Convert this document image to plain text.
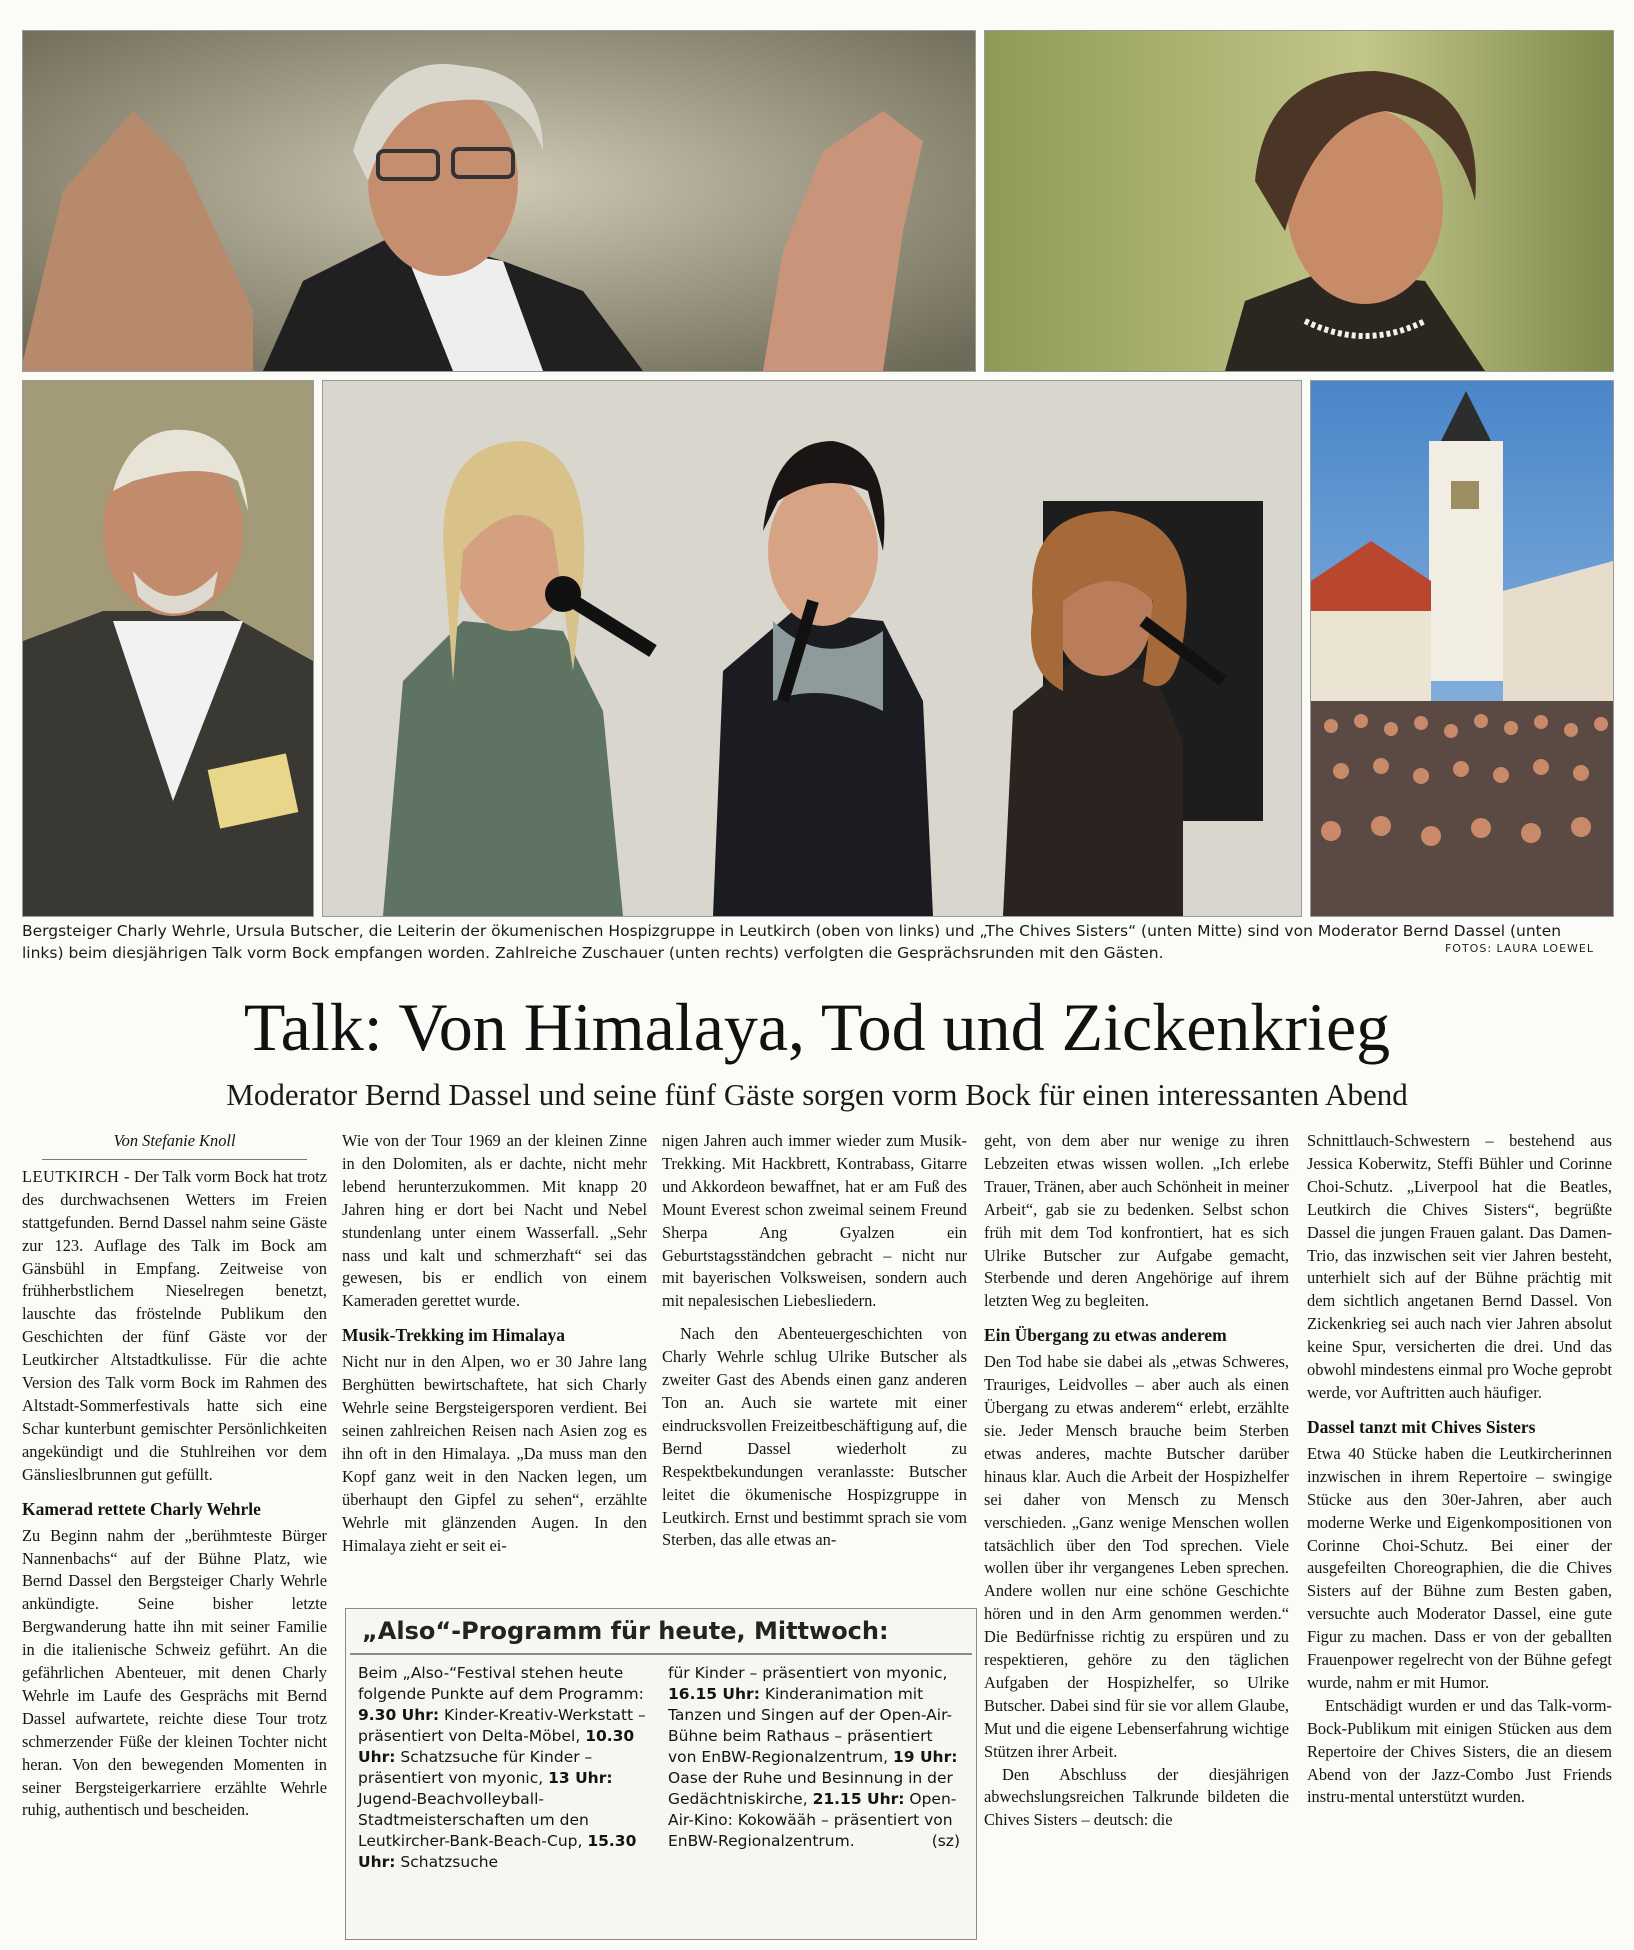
Bergsteiger Charly Wehrle, Ursula Butscher, die Leiterin der ökumenischen Hospizgruppe in Leutkirch (oben von links) und „The Chives Sisters“ (unten Mitte) sind von Moderator Bernd Dassel (unten links) beim diesjährigen Talk vorm Bock empfangen worden. Zahlreiche Zuschauer (unten rechts) verfolgten die Gesprächsrunden mit den Gästen.	FOTOS: LAURA LOEWEL
Talk: Von Himalaya, Tod und Zickenkrieg
Moderator Bernd Dassel und seine fünf Gäste sorgen vorm Bock für einen interessanten Abend

Von Stefanie Knoll

LEUTKIRCH - Der Talk vorm Bock hat trotz des durchwachsenen Wetters im Freien stattgefunden. Bernd Dassel nahm seine Gäste zur 123. Auflage des Talk im Bock am Gänsbühl in Empfang. Zeitweise von frühherbstlichem Nieselregen benetzt, lauschte das fröstelnde Publikum den Geschichten der fünf Gäste vor der Leutkircher Altstadtkulisse. Für die achte Version des Talk vorm Bock im Rahmen des Altstadt-Sommerfestivals hatte sich eine Schar kunterbunt gemischter Persönlichkeiten angekündigt und die Stuhlreihen vor dem Gänslieslbrunnen gut gefüllt.

Kamerad rettete Charly Wehrle

Zu Beginn nahm der „berühmteste Bürger Nannenbachs“ auf der Bühne Platz, wie Bernd Dassel den Bergsteiger Charly Wehrle ankündigte. Seine bisher letzte Bergwanderung hatte ihn mit seiner Familie in die italienische Schweiz geführt. An die gefährlichen Abenteuer, mit denen Charly Wehrle im Laufe des Gesprächs mit Bernd Dassel aufwartete, reichte diese Tour trotz schmerzender Füße der kleinen Tochter nicht heran. Von den bewegenden Momenten in seiner Bergsteigerkarriere erzählte Wehrle ruhig, authentisch und bescheiden.

Wie von der Tour 1969 an der kleinen Zinne in den Dolomiten, als er dachte, nicht mehr lebend herunterzukommen. Mit knapp 20 Jahren hing er dort bei Nacht und Nebel stundenlang unter einem Wasserfall. „Sehr nass und kalt und schmerzhaft“ sei das gewesen, bis er endlich von einem Kameraden gerettet wurde.

Musik-Trekking im Himalaya

Nicht nur in den Alpen, wo er 30 Jahre lang Berghütten bewirtschaftete, hat sich Charly Wehrle seine Bergsteigersporen verdient. Bei seinen zahlreichen Reisen nach Asien zog es ihn oft in den Himalaya. „Da muss man den Kopf ganz weit in den Nacken legen, um überhaupt den Gipfel zu sehen“, erzählte Wehrle mit glänzenden Augen. In den Himalaya zieht er seit ei-

nigen Jahren auch immer wieder zum Musik-Trekking. Mit Hackbrett, Kontrabass, Gitarre und Akkordeon bewaffnet, hat er am Fuß des Mount Everest schon zweimal seinem Freund Sherpa Ang Gyalzen ein Geburtstagsständchen gebracht – nicht nur mit bayerischen Volksweisen, sondern auch mit nepalesischen Liebesliedern.

Nach den Abenteuergeschichten von Charly Wehrle schlug Ulrike Butscher als zweiter Gast des Abends einen ganz anderen Ton an. Auch sie wartete mit einer eindrucksvollen Freizeitbeschäftigung auf, die Bernd Dassel wiederholt zu Respektbekundungen veranlasste: Butscher leitet die ökumenische Hospizgruppe in Leutkirch. Ernst und bestimmt sprach sie vom Sterben, das alle etwas an-

geht, von dem aber nur wenige zu ihren Lebzeiten etwas wissen wollen. „Ich erlebe Trauer, Tränen, aber auch Schönheit in meiner Arbeit“, gab sie zu bedenken. Selbst schon früh mit dem Tod konfrontiert, hat es sich Ulrike Butscher zur Aufgabe gemacht, Sterbende und deren Angehörige auf ihrem letzten Weg zu begleiten.

Ein Übergang zu etwas anderem

Den Tod habe sie dabei als „etwas Schweres, Trauriges, Leidvolles – aber auch als einen Übergang zu etwas anderem“ erlebt, erzählte sie. Jeder Mensch brauche beim Sterben etwas anderes, machte Butscher darüber hinaus klar. Auch die Arbeit der Hospizhelfer sei daher von Mensch zu Mensch verschieden. „Ganz wenige Menschen wollen tatsächlich über den Tod sprechen. Viele wollen über ihr vergangenes Leben sprechen. Andere wollen nur eine schöne Geschichte hören und in den Arm genommen werden.“ Die Bedürfnisse richtig zu erspüren und zu respektieren, gehöre zu den täglichen Aufgaben der Hospizhelfer, so Ulrike Butscher. Dabei sind für sie vor allem Glaube, Mut und die eigene Lebenserfahrung wichtige Stützen ihrer Arbeit.

Den Abschluss der diesjährigen abwechslungsreichen Talkrunde bildeten die Chives Sisters – deutsch: die

Schnittlauch-Schwestern – bestehend aus Jessica Koberwitz, Steffi Bühler und Corinne Choi-Schutz. „Liverpool hat die Beatles, Leutkirch die Chives Sisters“, begrüßte Dassel die jungen Frauen galant. Das Damen-Trio, das inzwischen seit vier Jahren besteht, unterhielt sich auf der Bühne prächtig mit dem sichtlich angetanen Bernd Dassel. Von Zickenkrieg sei auch nach vier Jahren absolut keine Spur, versicherten die drei. Und das obwohl mindestens einmal pro Woche geprobt werde, vor Auftritten auch häufiger.

Dassel tanzt mit Chives Sisters

Etwa 40 Stücke haben die Leutkircherinnen inzwischen in ihrem Repertoire – swingige Stücke aus den 30er-Jahren, aber auch moderne Werke und Eigenkompositionen von Corinne Choi-Schutz. Bei einer der ausgefeilten Choreographien, die die Chives Sisters auf der Bühne zum Besten gaben, versuchte auch Moderator Dassel, eine gute Figur zu machen. Dass er von der geballten Frauenpower regelrecht von der Bühne gefegt wurde, nahm er mit Humor.

Entschädigt wurden er und das Talk-vorm-Bock-Publikum mit einigen Stücken aus dem Repertoire der Chives Sisters, die an diesem Abend von der Jazz-Combo Just Friends instru-mental unterstützt wurden.

„Also“-Programm für heute, Mittwoch:
Beim „Also-“Festival stehen heute folgende Punkte auf dem Programm: 9.30 Uhr: Kinder-Kreativ-Werkstatt – präsentiert von Delta-Möbel, 10.30 Uhr: Schatzsuche für Kinder – präsentiert von myonic, 13 Uhr: Jugend-Beachvolleyball-Stadtmeisterschaften um den Leutkircher-Bank-Beach-Cup, 15.30 Uhr: Schatzsuche
für Kinder – präsentiert von myonic, 16.15 Uhr: Kinderanimation mit Tanzen und Singen auf der Open-Air-Bühne beim Rathaus – präsentiert von EnBW-Regionalzentrum, 19 Uhr: Oase der Ruhe und Besinnung in der Gedächtniskirche, 21.15 Uhr: Open-Air-Kino: Kokowääh – präsentiert von EnBW-Regionalzentrum.	(sz)
